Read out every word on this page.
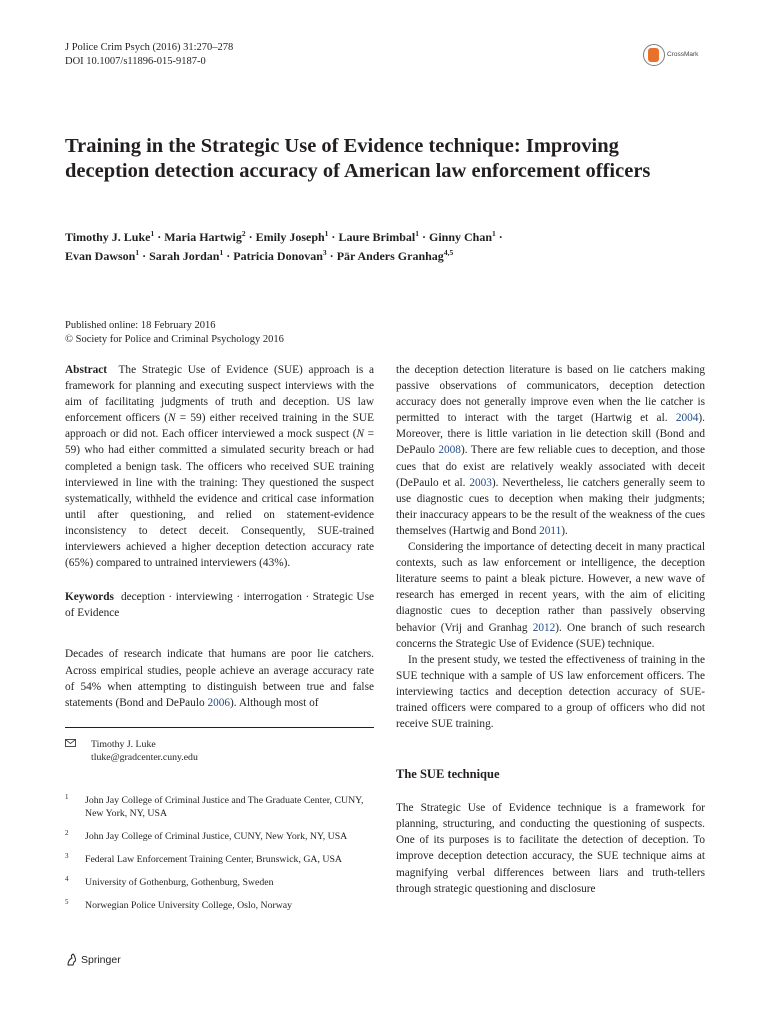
J Police Crim Psych (2016) 31:270–278
DOI 10.1007/s11896-015-9187-0
CrossMark
Training in the Strategic Use of Evidence technique: Improving deception detection accuracy of American law enforcement officers
Timothy J. Luke$^1$ · Maria Hartwig$^2$ · Emily Joseph$^1$ · Laure Brimbal$^1$ · Ginny Chan$^1$ ·
Evan Dawson$^1$ · Sarah Jordan$^1$ · Patricia Donovan$^3$ · Pär Anders Granhag$^{4,5}$
Published online: 18 February 2016
© Society for Police and Criminal Psychology 2016

Abstract The Strategic Use of Evidence (SUE) approach is a framework for planning and executing suspect interviews with the aim of facilitating judgments of truth and deception. US law enforcement officers (N = 59) either received training in the SUE approach or did not. Each officer interviewed a mock suspect (N = 59) who had either committed a simulated security breach or had completed a benign task. The officers who received SUE training interviewed in line with the training: They questioned the suspect systematically, withheld the evidence and critical case information until after questioning, and relied on statement-evidence inconsistency to detect deceit. Consequently, SUE-trained interviewers achieved a higher deception detection accuracy rate (65%) compared to untrained interviewers (43%).

Keywords deception · interviewing · interrogation · Strategic Use of Evidence

Decades of research indicate that humans are poor lie catchers. Across empirical studies, people achieve an average accuracy rate of 54% when attempting to distinguish between true and false statements (Bond and DePaulo 2006). Although most of

Timothy J. Luke
tluke@gradcenter.cuny.edu
1 John Jay College of Criminal Justice and The Graduate Center, CUNY, New York, NY, USA
2 John Jay College of Criminal Justice, CUNY, New York, NY, USA
3 Federal Law Enforcement Training Center, Brunswick, GA, USA
4 University of Gothenburg, Gothenburg, Sweden
5 Norwegian Police University College, Oslo, Norway

the deception detection literature is based on lie catchers making passive observations of communicators, deception detection accuracy does not generally improve even when the lie catcher is permitted to interact with the target (Hartwig et al. 2004). Moreover, there is little variation in lie detection skill (Bond and DePaulo 2008). There are few reliable cues to deception, and those cues that do exist are relatively weakly associated with deceit (DePaulo et al. 2003). Nevertheless, lie catchers generally seem to use diagnostic cues to deception when making their judgments; their inaccuracy appears to be the result of the weakness of the cues themselves (Hartwig and Bond 2011).

Considering the importance of detecting deceit in many practical contexts, such as law enforcement or intelligence, the deception literature seems to paint a bleak picture. However, a new wave of research has emerged in recent years, with the aim of eliciting diagnostic cues to deception rather than passively observing behavior (Vrij and Granhag 2012). One branch of such research concerns the Strategic Use of Evidence (SUE) technique.

In the present study, we tested the effectiveness of training in the SUE technique with a sample of US law enforcement officers. The interviewing tactics and deception detection accuracy of SUE-trained officers were compared to a group of officers who did not receive SUE training.

The SUE technique

The Strategic Use of Evidence technique is a framework for planning, structuring, and conducting the questioning of suspects. One of its purposes is to facilitate the detection of deception. To improve deception detection accuracy, the SUE technique aims at magnifying verbal differences between liars and truth-tellers through strategic questioning and disclosure

Springer
